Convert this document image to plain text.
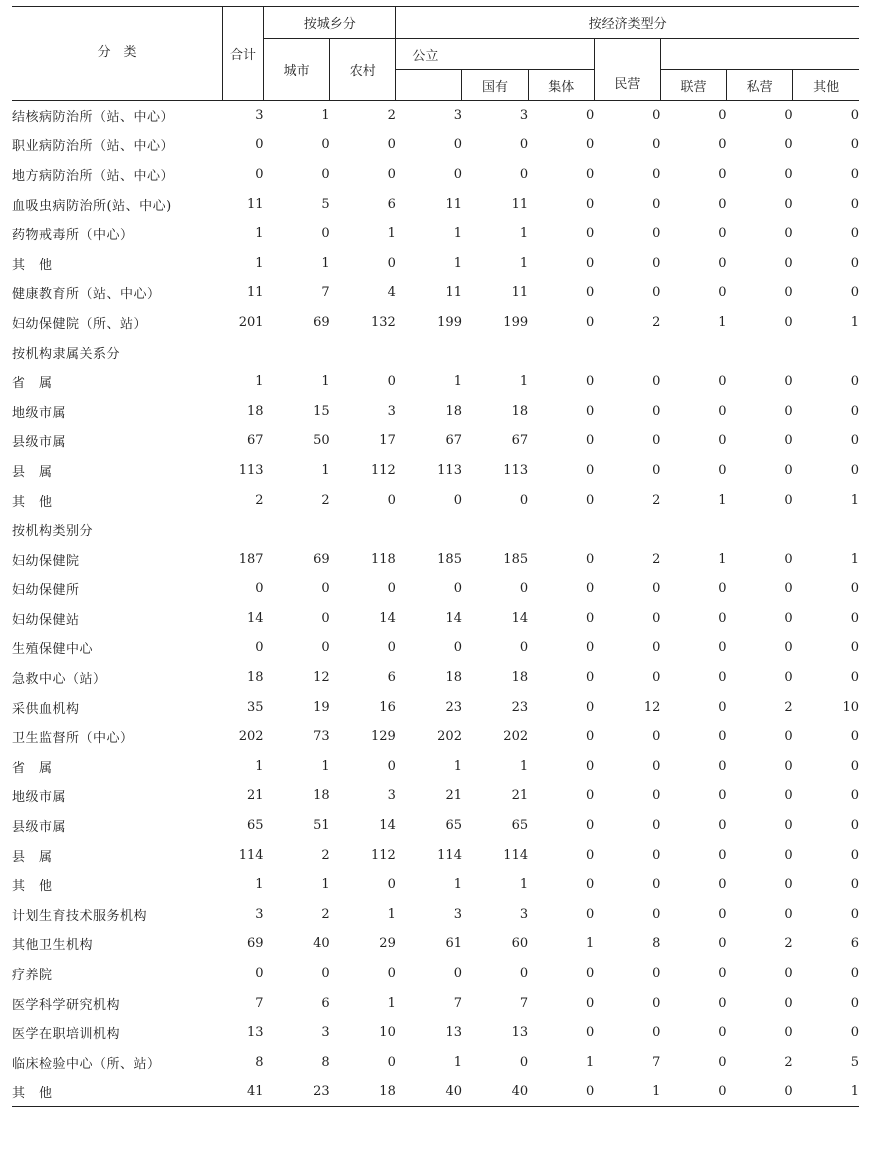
分　类	合计	按城乡分		按经济类型分						
		城市	农村	公立			民营			
					国有	集体		联营	私营	其他
结核病防治所（站、中心）	3	1	2	3	3	0	0	0	0	0
职业病防治所（站、中心）	0	0	0	0	0	0	0	0	0	0
地方病防治所（站、中心）	0	0	0	0	0	0	0	0	0	0
血吸虫病防治所(站、中心)	11	5	6	11	11	0	0	0	0	0
药物戒毒所（中心）	1	0	1	1	1	0	0	0	0	0
其　他	1	1	0	1	1	0	0	0	0	0
健康教育所（站、中心）	11	7	4	11	11	0	0	0	0	0
妇幼保健院（所、站）	201	69	132	199	199	0	2	1	0	1
按机构隶属关系分										
省　属	1	1	0	1	1	0	0	0	0	0
地级市属	18	15	3	18	18	0	0	0	0	0
县级市属	67	50	17	67	67	0	0	0	0	0
县　属	113	1	112	113	113	0	0	0	0	0
其　他	2	2	0	0	0	0	2	1	0	1
按机构类别分										
妇幼保健院	187	69	118	185	185	0	2	1	0	1
妇幼保健所	0	0	0	0	0	0	0	0	0	0
妇幼保健站	14	0	14	14	14	0	0	0	0	0
生殖保健中心	0	0	0	0	0	0	0	0	0	0
急救中心（站）	18	12	6	18	18	0	0	0	0	0
采供血机构	35	19	16	23	23	0	12	0	2	10
卫生监督所（中心）	202	73	129	202	202	0	0	0	0	0
省　属	1	1	0	1	1	0	0	0	0	0
地级市属	21	18	3	21	21	0	0	0	0	0
县级市属	65	51	14	65	65	0	0	0	0	0
县　属	114	2	112	114	114	0	0	0	0	0
其　他	1	1	0	1	1	0	0	0	0	0
计划生育技术服务机构	3	2	1	3	3	0	0	0	0	0
其他卫生机构	69	40	29	61	60	1	8	0	2	6
疗养院	0	0	0	0	0	0	0	0	0	0
医学科学研究机构	7	6	1	7	7	0	0	0	0	0
医学在职培训机构	13	3	10	13	13	0	0	0	0	0
临床检验中心（所、站）	8	8	0	1	0	1	7	0	2	5
其　他	41	23	18	40	40	0	1	0	0	1
